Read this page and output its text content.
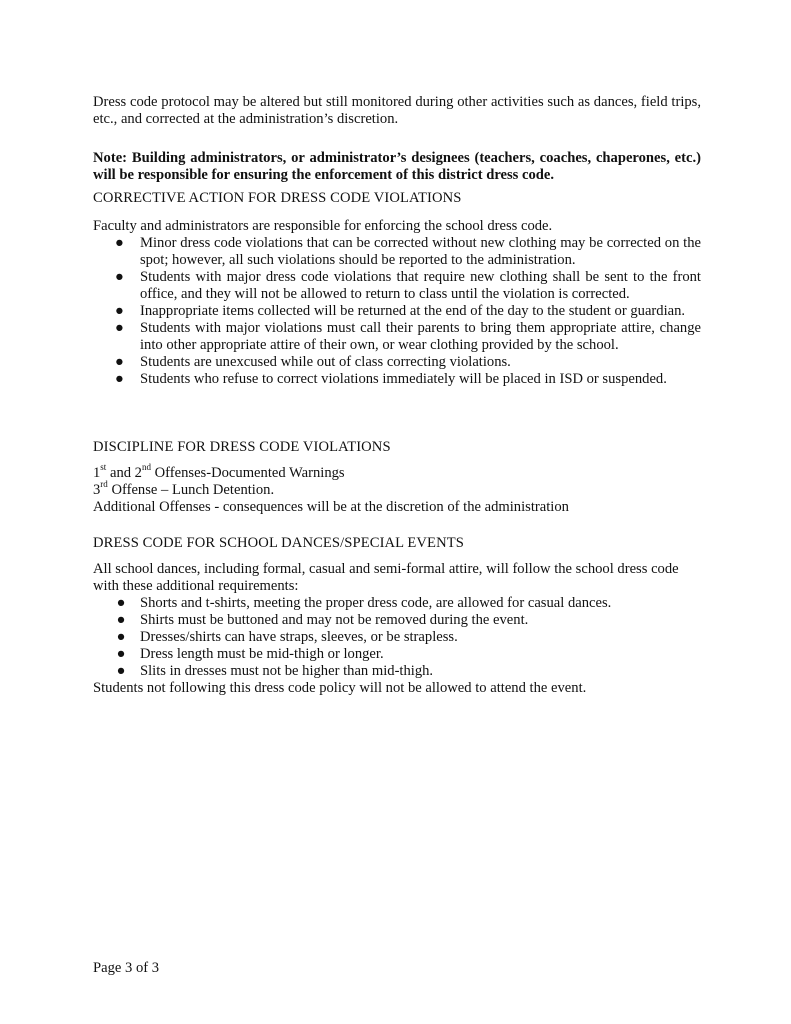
Dress code protocol may be altered but still monitored during other activities such as dances, field trips, etc., and corrected at the administration’s discretion.
Note: Building administrators, or administrator’s designees (teachers, coaches, chaperones, etc.) will be responsible for ensuring the enforcement of this district dress code.
CORRECTIVE ACTION FOR DRESS CODE VIOLATIONS
Faculty and administrators are responsible for enforcing the school dress code.
● Minor dress code violations that can be corrected without new clothing may be corrected on the spot; however, all such violations should be reported to the administration.
● Students with major dress code violations that require new clothing shall be sent to the front office, and they will not be allowed to return to class until the violation is corrected.
● Inappropriate items collected will be returned at the end of the day to the student or guardian.
● Students with major violations must call their parents to bring them appropriate attire, change into other appropriate attire of their own, or wear clothing provided by the school.
● Students are unexcused while out of class correcting violations.
● Students who refuse to correct violations immediately will be placed in ISD or suspended.
DISCIPLINE FOR DRESS CODE VIOLATIONS
1st and 2nd Offenses-Documented Warnings
3rd Offense – Lunch Detention.
Additional Offenses - consequences will be at the discretion of the administration
DRESS CODE FOR SCHOOL DANCES/SPECIAL EVENTS
All school dances, including formal, casual and semi-formal attire, will follow the school dress code with these additional requirements:
● Shorts and t-shirts, meeting the proper dress code, are allowed for casual dances.
● Shirts must be buttoned and may not be removed during the event.
● Dresses/shirts can have straps, sleeves, or be strapless.
● Dress length must be mid-thigh or longer.
● Slits in dresses must not be higher than mid-thigh.
Students not following this dress code policy will not be allowed to attend the event.
Page 3 of 3
